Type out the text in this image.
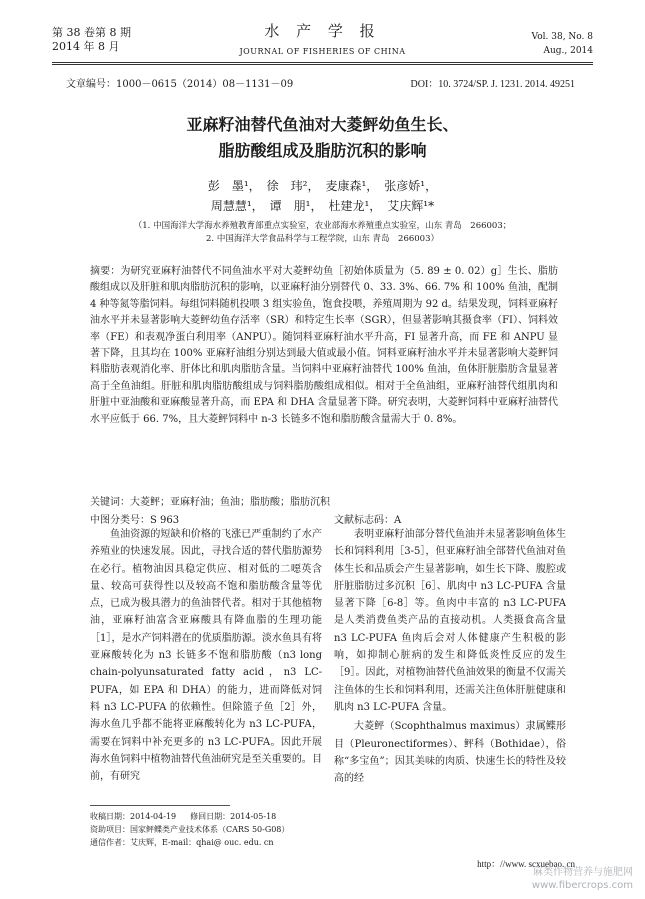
第 38 卷第 8 期
2014 年 8 月
水 产 学 报
JOURNAL OF FISHERIES OF CHINA
Vol. 38, No. 8
Aug., 2014
文章编号：1000－0615（2014）08－1131－09	DOI：10. 3724/SP. J. 1231. 2014. 49251
亚麻籽油替代鱼油对大菱鲆幼鱼生长、
脂肪酸组成及脂肪沉积的影响
彭　墨¹，　徐　玮²，　麦康森¹，　张彦娇¹，
周慧慧¹，　谭　朋¹，　杜建龙¹，　艾庆辉¹*
（1. 中国海洋大学海水养殖教育部重点实验室，农业部海水养殖重点实验室，山东 青岛　266003；
2. 中国海洋大学食品科学与工程学院，山东 青岛　266003）
摘要：为研究亚麻籽油替代不同鱼油水平对大菱鲆幼鱼［初始体质量为（5. 89 ± 0. 02）g］生长、脂肪酸组成以及肝脏和肌肉脂肪沉积的影响，以亚麻籽油分别替代 0、33. 3%、66. 7% 和 100% 鱼油，配制 4 种等氮等脂饲料。每组饲料随机投喂 3 组实验鱼，饱食投喂，养殖周期为 92 d。结果发现，饲料亚麻籽油水平并未显著影响大菱鲆幼鱼存活率（SR）和特定生长率（SGR），但显著影响其摄食率（FI）、饲料效率（FE）和表观净蛋白利用率（ANPU）。随饲料亚麻籽油水平升高，FI 显著升高，而 FE 和 ANPU 显著下降，且其均在 100% 亚麻籽油组分别达到最大值或最小值。饲料亚麻籽油水平并未显著影响大菱鲆饲料脂肪表观消化率、肝体比和肌肉脂肪含量。当饲料中亚麻籽油替代 100% 鱼油，鱼体肝脏脂肪含量显著高于全鱼油组。肝脏和肌肉脂肪酸组成与饲料脂肪酸组成相似。相对于全鱼油组，亚麻籽油替代组肌肉和肝脏中亚油酸和亚麻酸显著升高，而 EPA 和 DHA 含量显著下降。研究表明，大菱鲆饲料中亚麻籽油替代水平应低于 66. 7%，且大菱鲆饲料中 n-3 长链多不饱和脂肪酸含量需大于 0. 8%。
关键词：大菱鲆；亚麻籽油；鱼油；脂肪酸；脂肪沉积
中图分类号：S 963	文献标志码：A

鱼油资源的短缺和价格的飞涨已严重制约了水产养殖业的快速发展。因此，寻找合适的替代脂肪源势在必行。植物油因具稳定供应、相对低的二噁英含量、较高可获得性以及较高不饱和脂肪酸含量等优点，已成为极具潜力的鱼油替代者。相对于其他植物油，亚麻籽油富含亚麻酸具有降血脂的生理功能［1］，是水产饲料潜在的优质脂肪源。淡水鱼具有将亚麻酸转化为 n3 长链多不饱和脂肪酸（n3 long chain-polyunsaturated fatty acid，n3 LC-PUFA，如 EPA 和 DHA）的能力，进而降低对饲料 n3 LC-PUFA 的依赖性。但除篮子鱼［2］外，海水鱼几乎都不能将亚麻酸转化为 n3 LC-PUFA，需要在饲料中补充更多的 n3 LC-PUFA。因此开展海水鱼饲料中植物油替代鱼油研究是至关重要的。目前，有研究

表明亚麻籽油部分替代鱼油并未显著影响鱼体生长和饲料利用［3-5］，但亚麻籽油全部替代鱼油对鱼体生长和品质会产生显著影响，如生长下降、腹腔或肝脏脂肪过多沉积［6］、肌肉中 n3 LC-PUFA 含量显著下降［6-8］等。鱼肉中丰富的 n3 LC-PUFA 是人类消费鱼类产品的直接动机。人类摄食高含量 n3 LC-PUFA 鱼肉后会对人体健康产生积极的影响，如抑制心脏病的发生和降低炎性反应的发生［9］。因此，对植物油替代鱼油效果的衡量不仅需关注鱼体的生长和饲料利用，还需关注鱼体肝脏健康和肌肉 n3 LC-PUFA 含量。

大菱鲆（Scophthalmus maximus）隶属鲽形目（Pleuronectiformes）、鲆科（Bothidae），俗称“多宝鱼”；因其美味的肉质、快速生长的特性及较高的经

收稿日期：2014-04-19 修回日期：2014-05-18
资助项目：国家鲆鲽类产业技术体系（CARS 50-G08）
通信作者：艾庆辉，E-mail：qhai@ ouc. edu. cn
http：//www. scxuebao. cn
麻类作物营养与施肥网
www.fibercrops.com
